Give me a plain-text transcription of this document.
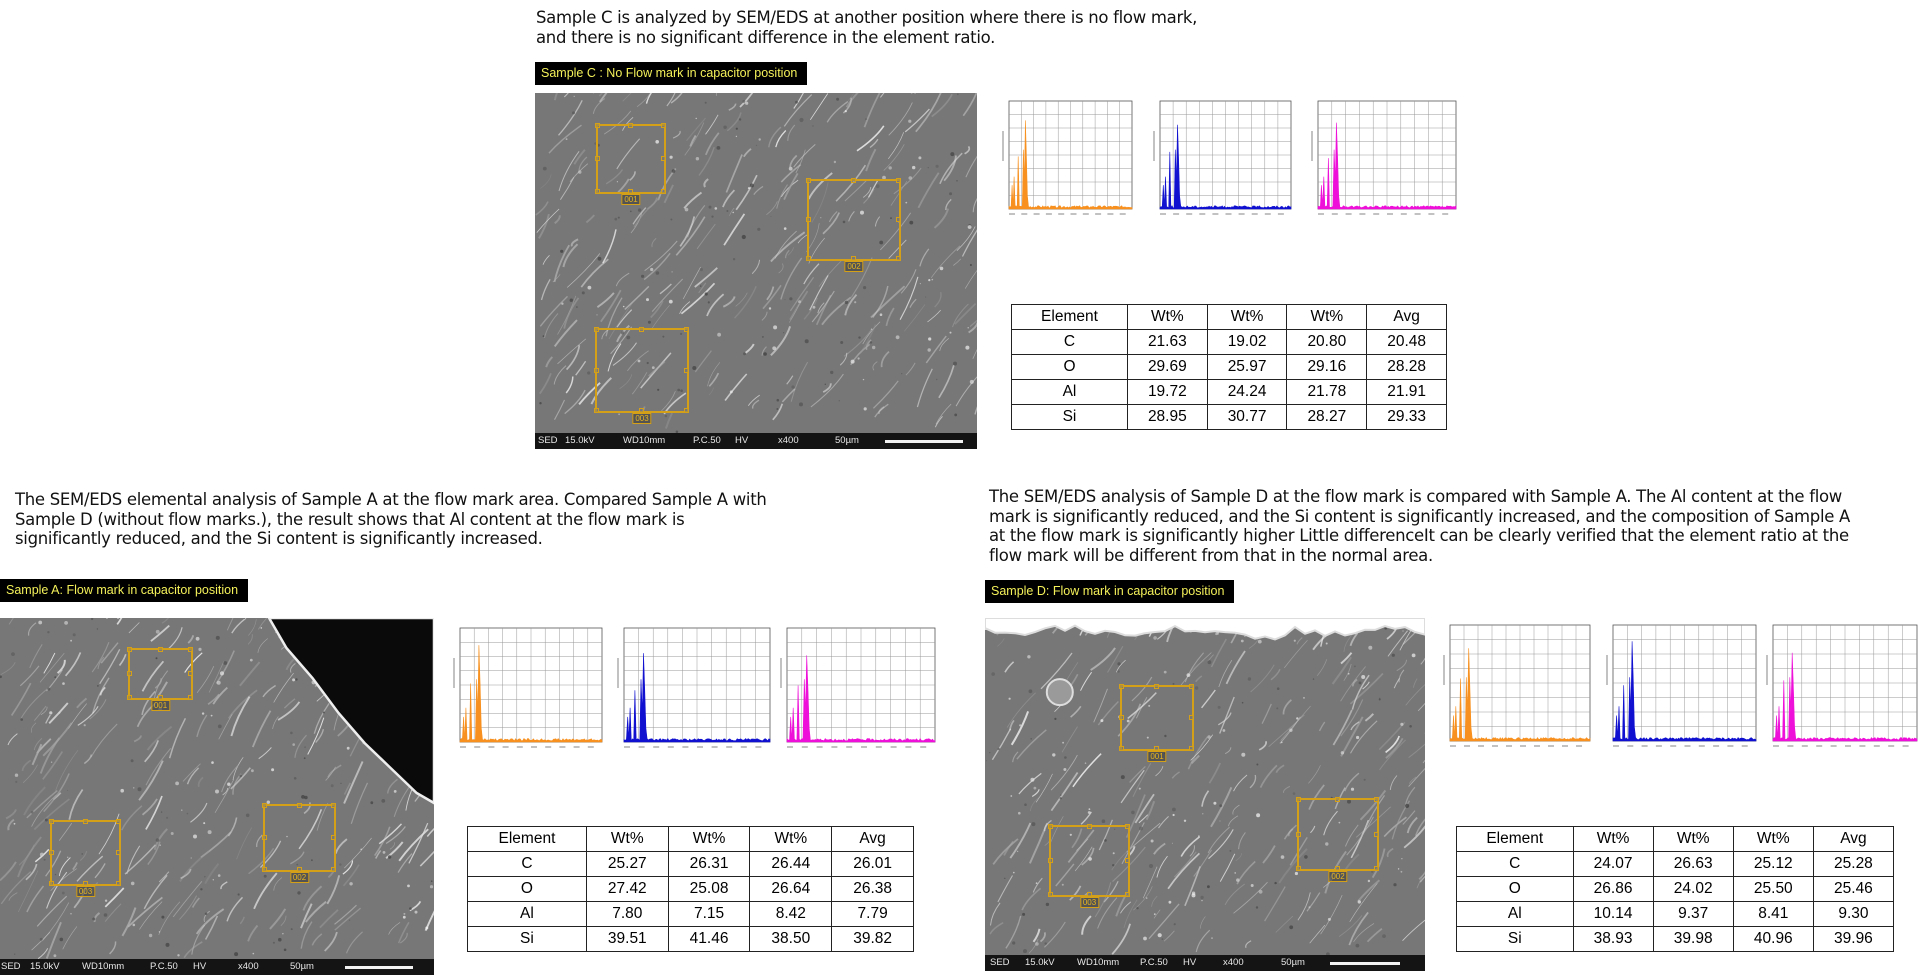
Sample C is analyzed by SEM/EDS at another position where there is no flow mark,
and there is no significant difference in the element ratio.
Sample C : No Flow mark in capacitor position
001
002
003
SED 15.0kV	WD10mm	P.C.50 HV	x400	50µm
Element	Wt%	Wt%	Wt%	Avg
C	21.63	19.02	20.80	20.48
O	29.69	25.97	29.16	28.28
Al	19.72	24.24	21.78	21.91
Si	28.95	30.77	28.27	29.33
The SEM/EDS elemental analysis of Sample A at the flow mark area. Compared Sample A with
Sample D (without flow marks.), the result shows that Al content at the flow mark is
significantly reduced, and the Si content is significantly increased.
Sample A: Flow mark in capacitor position
001
002
003
SED 15.0kV WD10mm	P.C.50 HV	x400	50µm
Element	Wt%	Wt%	Wt%	Avg
C	25.27	26.31	26.44	26.01
O	27.42	25.08	26.64	26.38
Al	7.80	7.15	8.42	7.79
Si	39.51	41.46	38.50	39.82
The SEM/EDS analysis of Sample D at the flow mark is compared with Sample A. The Al content at the flow
mark is significantly reduced, and the Si content is significantly increased, and the composition of Sample A
at the flow mark is significantly higher Little differenceIt can be clearly verified that the element ratio at the
flow mark will be different from that in the normal area.
Sample D: Flow mark in capacitor position
001
002
003
SED 15.0kV WD10mm P.C.50 HV	x400	50µm
Element	Wt%	Wt%	Wt%	Avg
C	24.07	26.63	25.12	25.28
O	26.86	24.02	25.50	25.46
Al	10.14	9.37	8.41	9.30
Si	38.93	39.98	40.96	39.96
